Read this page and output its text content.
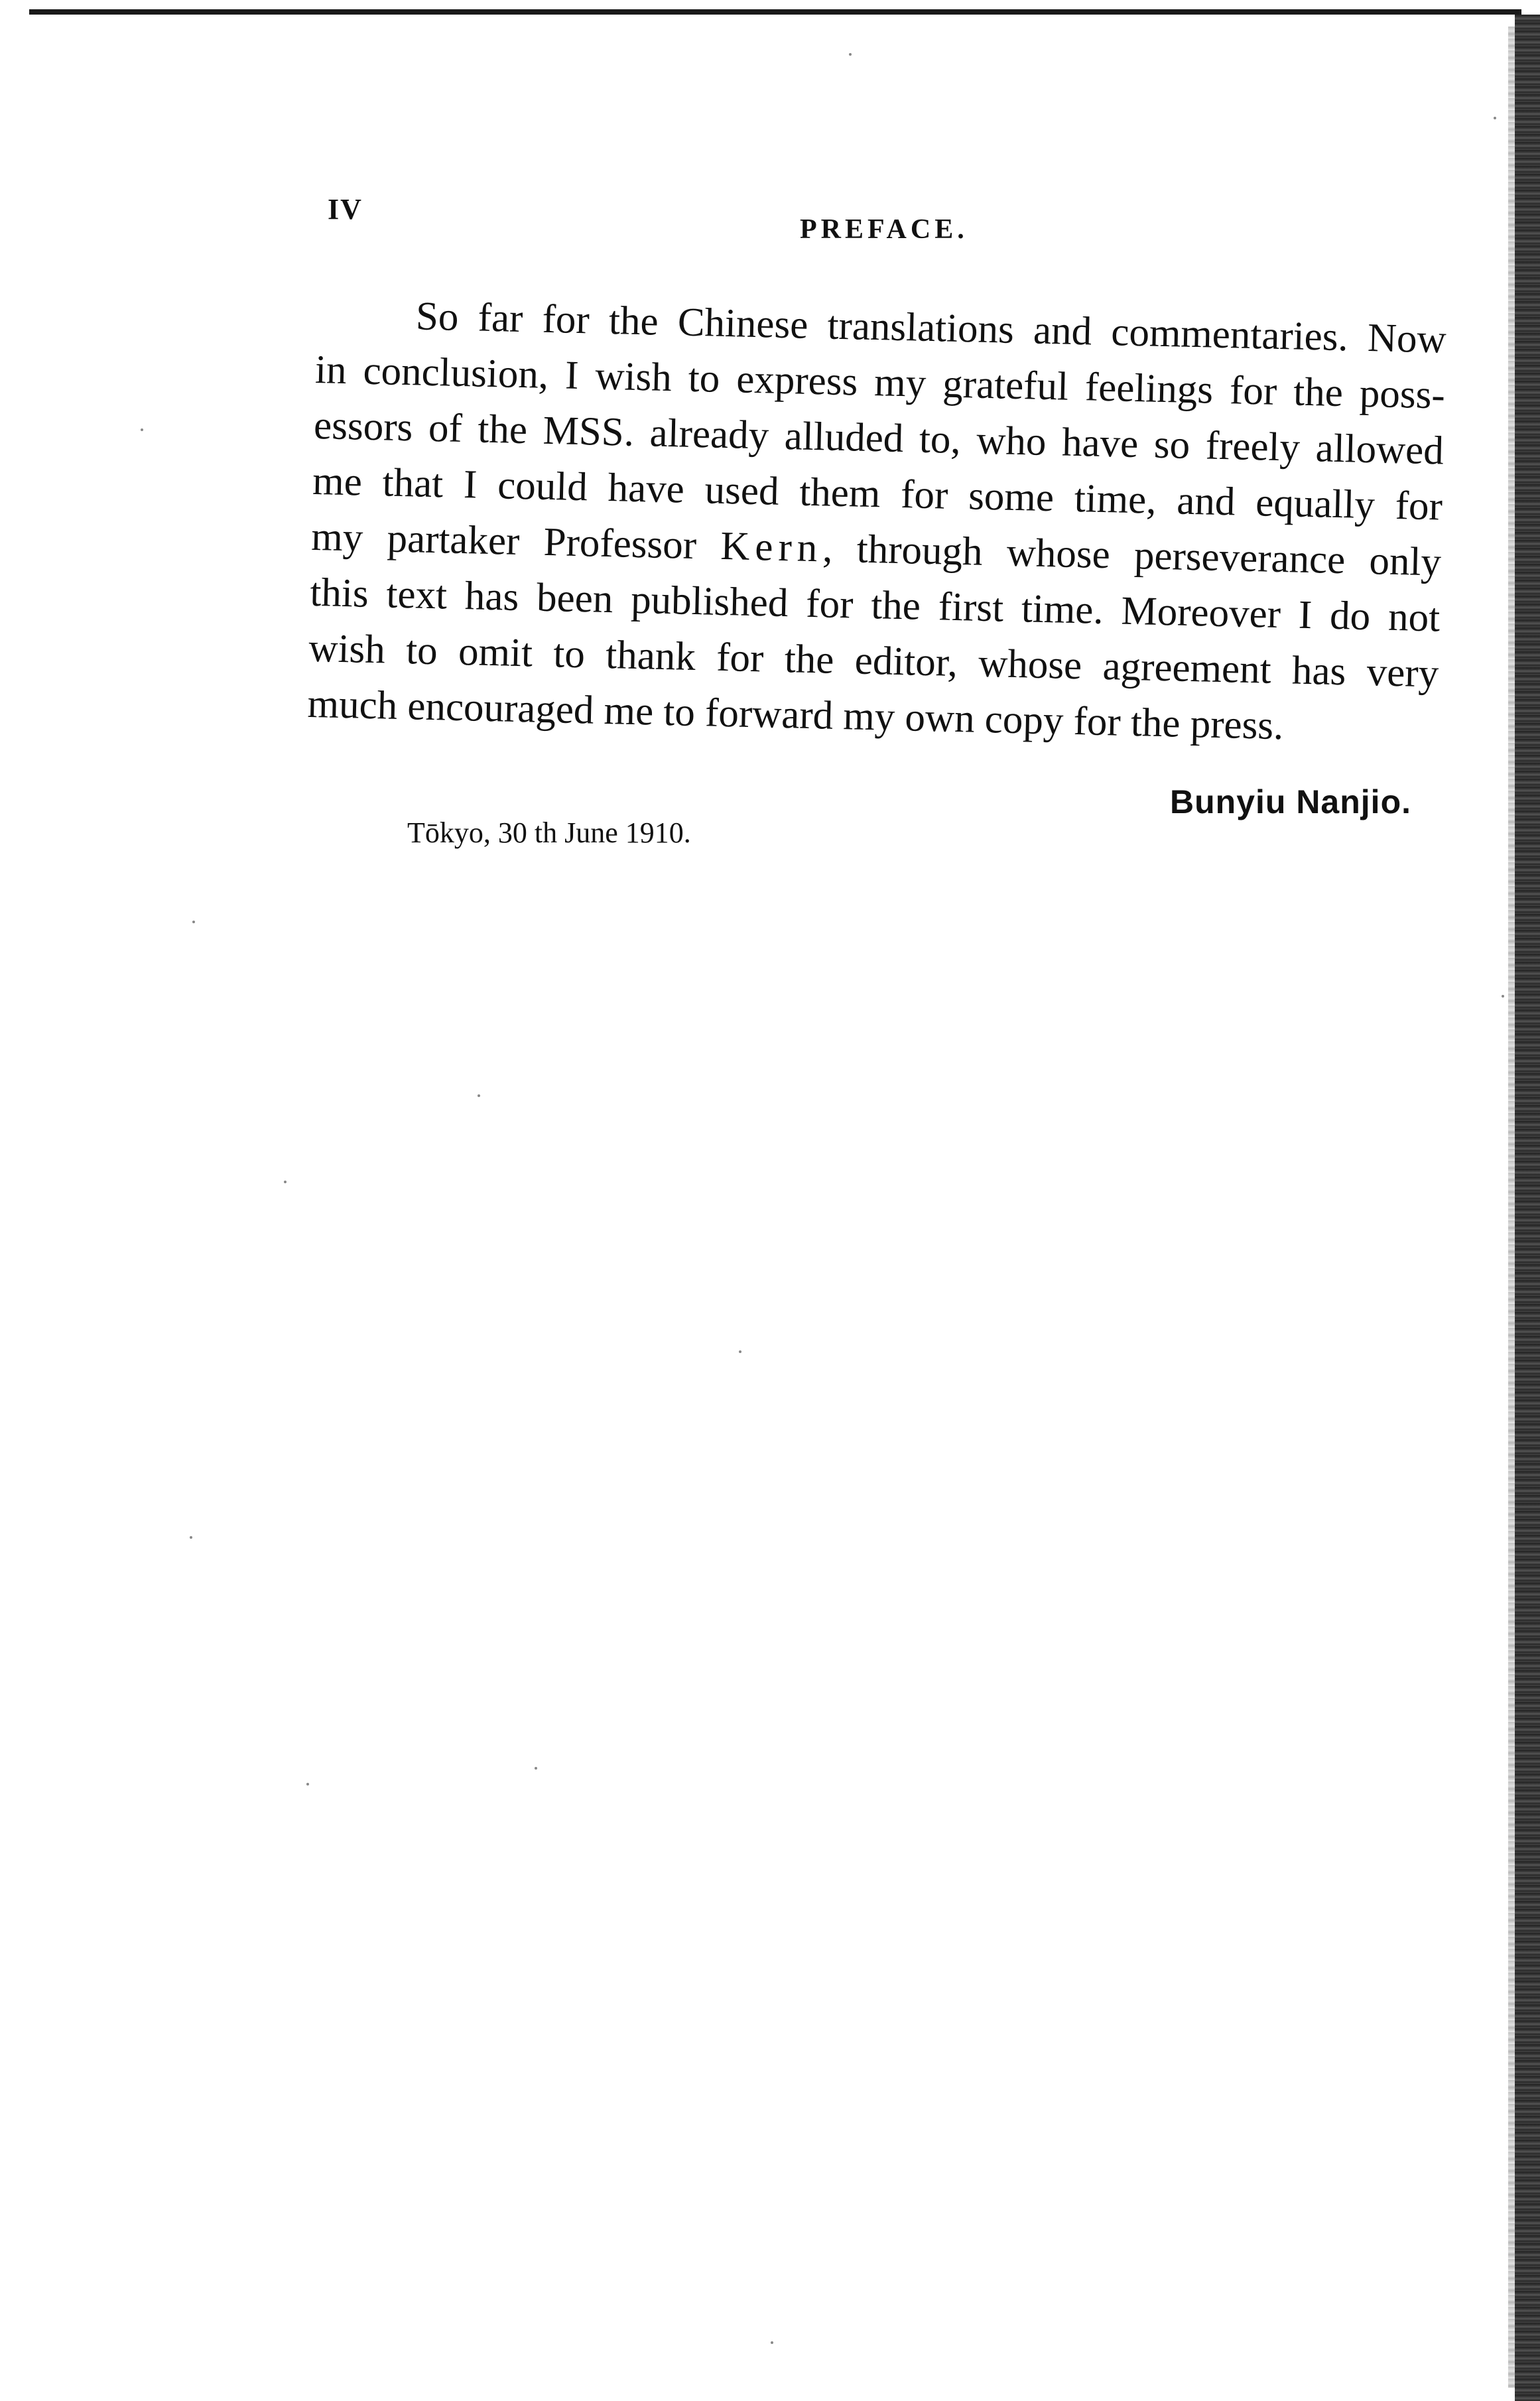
IV
PREFACE.
So far for the Chinese translations and commentaries. Now
in conclusion, I wish to express my grateful feelings for the poss-
essors of the MSS. already alluded to, who have so freely allowed
me that I could have used them for some time, and equally for
my partaker Professor Kern, through whose perseverance only
this text has been published for the first time. Moreover I do not
wish to omit to thank for the editor, whose agreement has very
much encouraged me to forward my own copy for the press.
Bunyiu Nanjio.
Tōkyo, 30 th June 1910.
